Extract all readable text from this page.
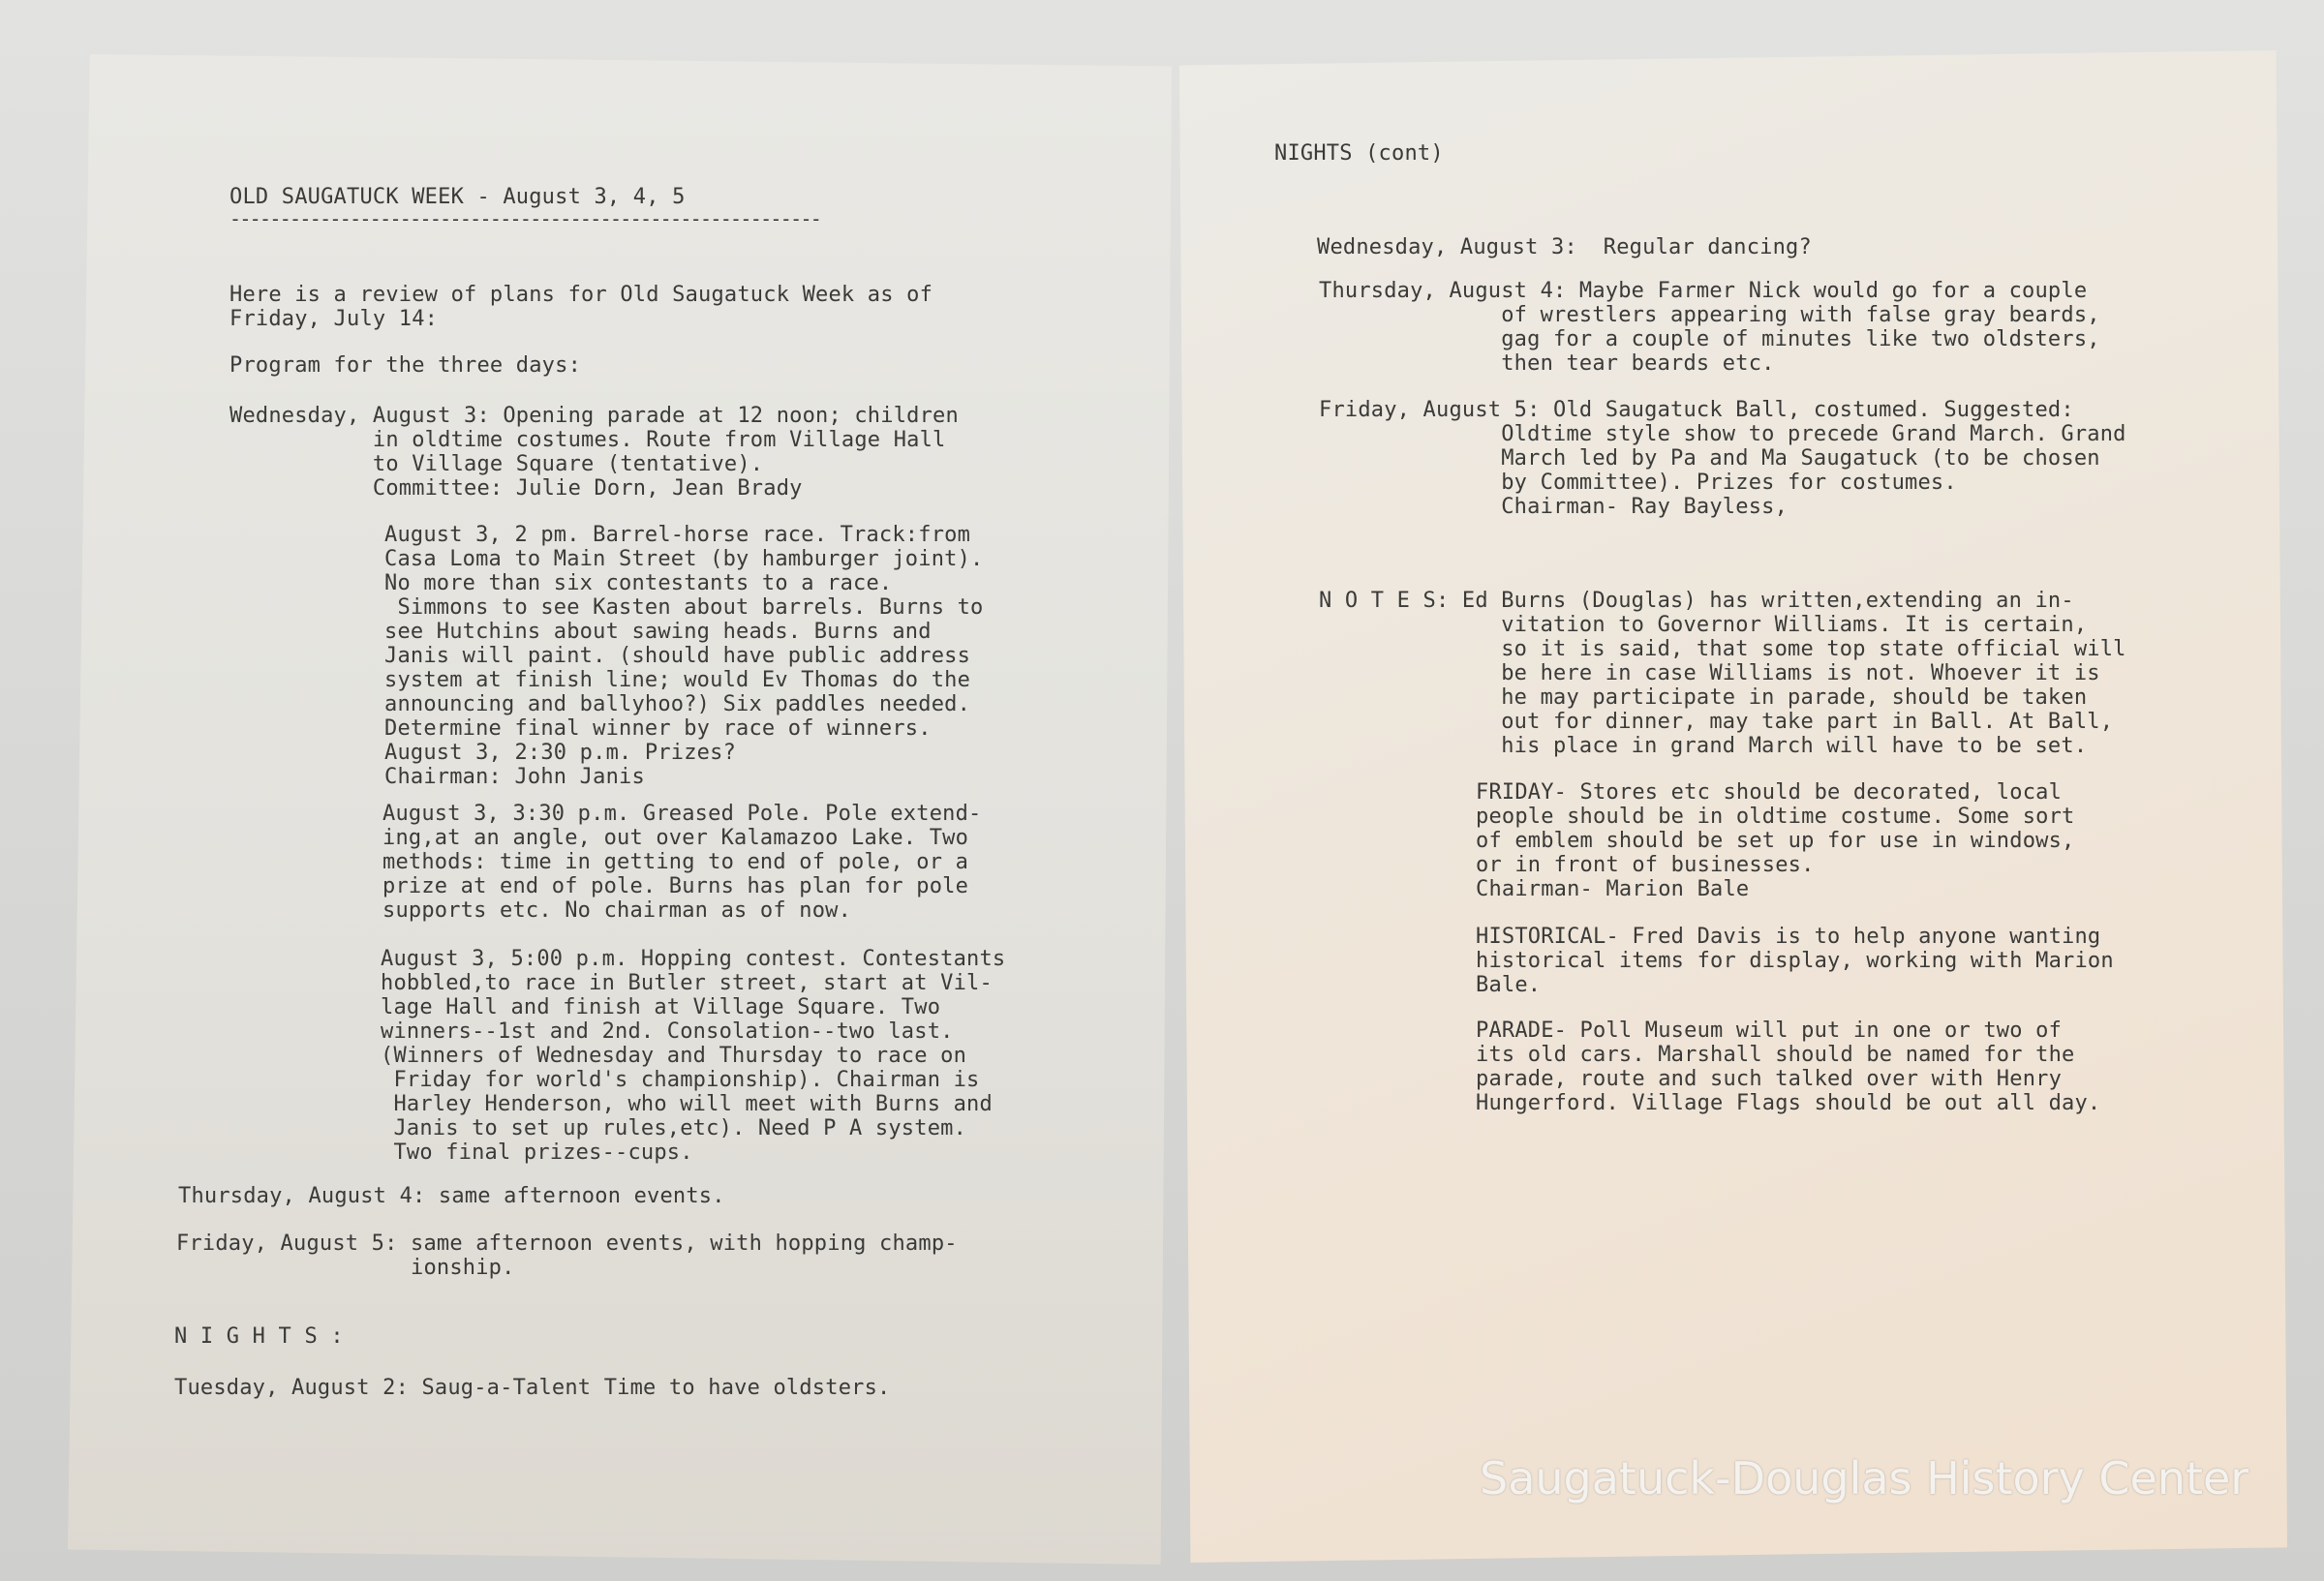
OLD SAUGATUCK WEEK - August 3, 4, 5
-----------------------------------------------------------
Here is a review of plans for Old Saugatuck Week as of
Friday, July 14:
Program for the three days:
Wednesday, August 3: Opening parade at 12 noon; children
in oldtime costumes. Route from Village Hall
to Village Square (tentative).
Committee: Julie Dorn, Jean Brady
August 3, 2 pm. Barrel-horse race. Track:from
Casa Loma to Main Street (by hamburger joint).
No more than six contestants to a race.
Simmons to see Kasten about barrels. Burns to
see Hutchins about sawing heads. Burns and
Janis will paint. (should have public address
system at finish line; would Ev Thomas do the
announcing and ballyhoo?) Six paddles needed.
Determine final winner by race of winners.
August 3, 2:30 p.m. Prizes?
Chairman: John Janis
August 3, 3:30 p.m. Greased Pole. Pole extend-
ing,at an angle, out over Kalamazoo Lake. Two
methods: time in getting to end of pole, or a
prize at end of pole. Burns has plan for pole
supports etc. No chairman as of now.
August 3, 5:00 p.m. Hopping contest. Contestants
hobbled,to race in Butler street, start at Vil-
lage Hall and finish at Village Square. Two
winners--1st and 2nd. Consolation--two last.
(Winners of Wednesday and Thursday to race on
Friday for world's championship). Chairman is
Harley Henderson, who will meet with Burns and
Janis to set up rules,etc). Need P A system.
Two final prizes--cups.
Thursday, August 4: same afternoon events.
Friday, August 5: same afternoon events, with hopping champ-
ionship.
N I G H T S :
Tuesday, August 2: Saug-a-Talent Time to have oldsters.
NIGHTS (cont)
Wednesday, August 3:  Regular dancing?
Thursday, August 4: Maybe Farmer Nick would go for a couple
of wrestlers appearing with false gray beards,
gag for a couple of minutes like two oldsters,
then tear beards etc.
Friday, August 5: Old Saugatuck Ball, costumed. Suggested:
Oldtime style show to precede Grand March. Grand
March led by Pa and Ma Saugatuck (to be chosen
by Committee). Prizes for costumes.
Chairman- Ray Bayless,
N O T E S: Ed Burns (Douglas) has written,extending an in-
vitation to Governor Williams. It is certain,
so it is said, that some top state official will
be here in case Williams is not. Whoever it is
he may participate in parade, should be taken
out for dinner, may take part in Ball. At Ball,
his place in grand March will have to be set.
FRIDAY- Stores etc should be decorated, local
people should be in oldtime costume. Some sort
of emblem should be set up for use in windows,
or in front of businesses.
Chairman- Marion Bale
HISTORICAL- Fred Davis is to help anyone wanting
historical items for display, working with Marion
Bale.
PARADE- Poll Museum will put in one or two of
its old cars. Marshall should be named for the
parade, route and such talked over with Henry
Hungerford. Village Flags should be out all day.
Saugatuck-Douglas History Center
